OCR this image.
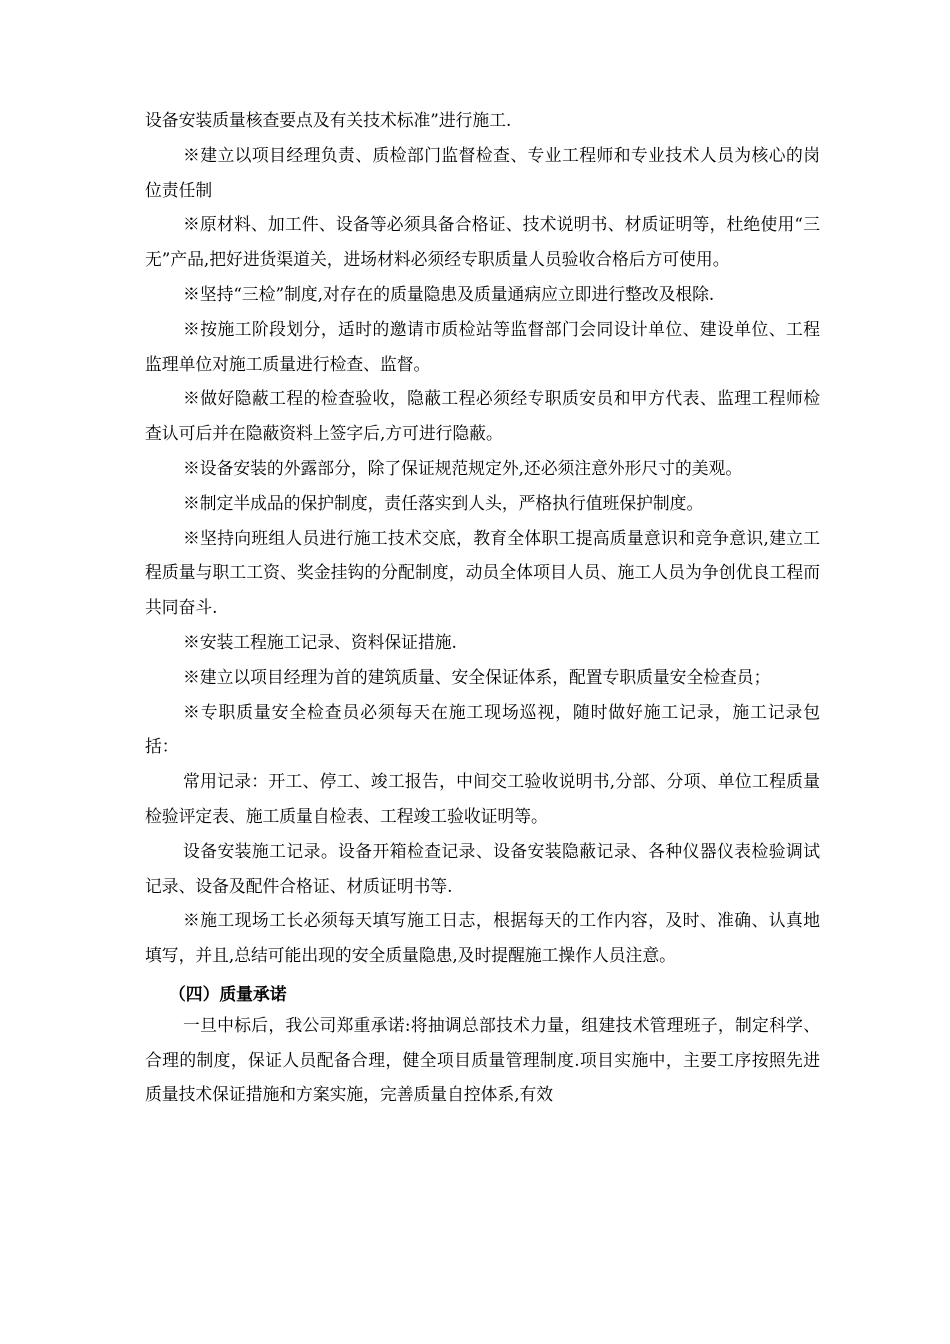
设备安装质量核查要点及有关技术标准”进行施工.

※建立以项目经理负责、质检部门监督检查、专业工程师和专业技术人员为核心的岗位责任制

※原材料、加工件、设备等必须具备合格证、技术说明书、材质证明等，杜绝使用“三无”产品,把好进货渠道关，进场材料必须经专职质量人员验收合格后方可使用。

※坚持“三检”制度,对存在的质量隐患及质量通病应立即进行整改及根除.

※按施工阶段划分，适时的邀请市质检站等监督部门会同设计单位、建设单位、工程监理单位对施工质量进行检查、监督。

※做好隐蔽工程的检查验收，隐蔽工程必须经专职质安员和甲方代表、监理工程师检查认可后并在隐蔽资料上签字后,方可进行隐蔽。

※设备安装的外露部分，除了保证规范规定外,还必须注意外形尺寸的美观。

※制定半成品的保护制度，责任落实到人头，严格执行值班保护制度。

※坚持向班组人员进行施工技术交底，教育全体职工提高质量意识和竞争意识,建立工程质量与职工工资、奖金挂钩的分配制度，动员全体项目人员、施工人员为争创优良工程而共同奋斗.

※安装工程施工记录、资料保证措施.

※建立以项目经理为首的建筑质量、安全保证体系，配置专职质量安全检查员；

※专职质量安全检查员必须每天在施工现场巡视，随时做好施工记录，施工记录包括：

常用记录：开工、停工、竣工报告，中间交工验收说明书,分部、分项、单位工程质量检验评定表、施工质量自检表、工程竣工验收证明等。

设备安装施工记录。设备开箱检查记录、设备安装隐蔽记录、各种仪器仪表检验调试记录、设备及配件合格证、材质证明书等.

※施工现场工长必须每天填写施工日志，根据每天的工作内容，及时、准确、认真地填写，并且,总结可能出现的安全质量隐患,及时提醒施工操作人员注意。

（四）质量承诺

一旦中标后，我公司郑重承诺:将抽调总部技术力量，组建技术管理班子，制定科学、合理的制度，保证人员配备合理，健全项目质量管理制度.项目实施中，主要工序按照先进质量技术保证措施和方案实施，完善质量自控体系,有效
